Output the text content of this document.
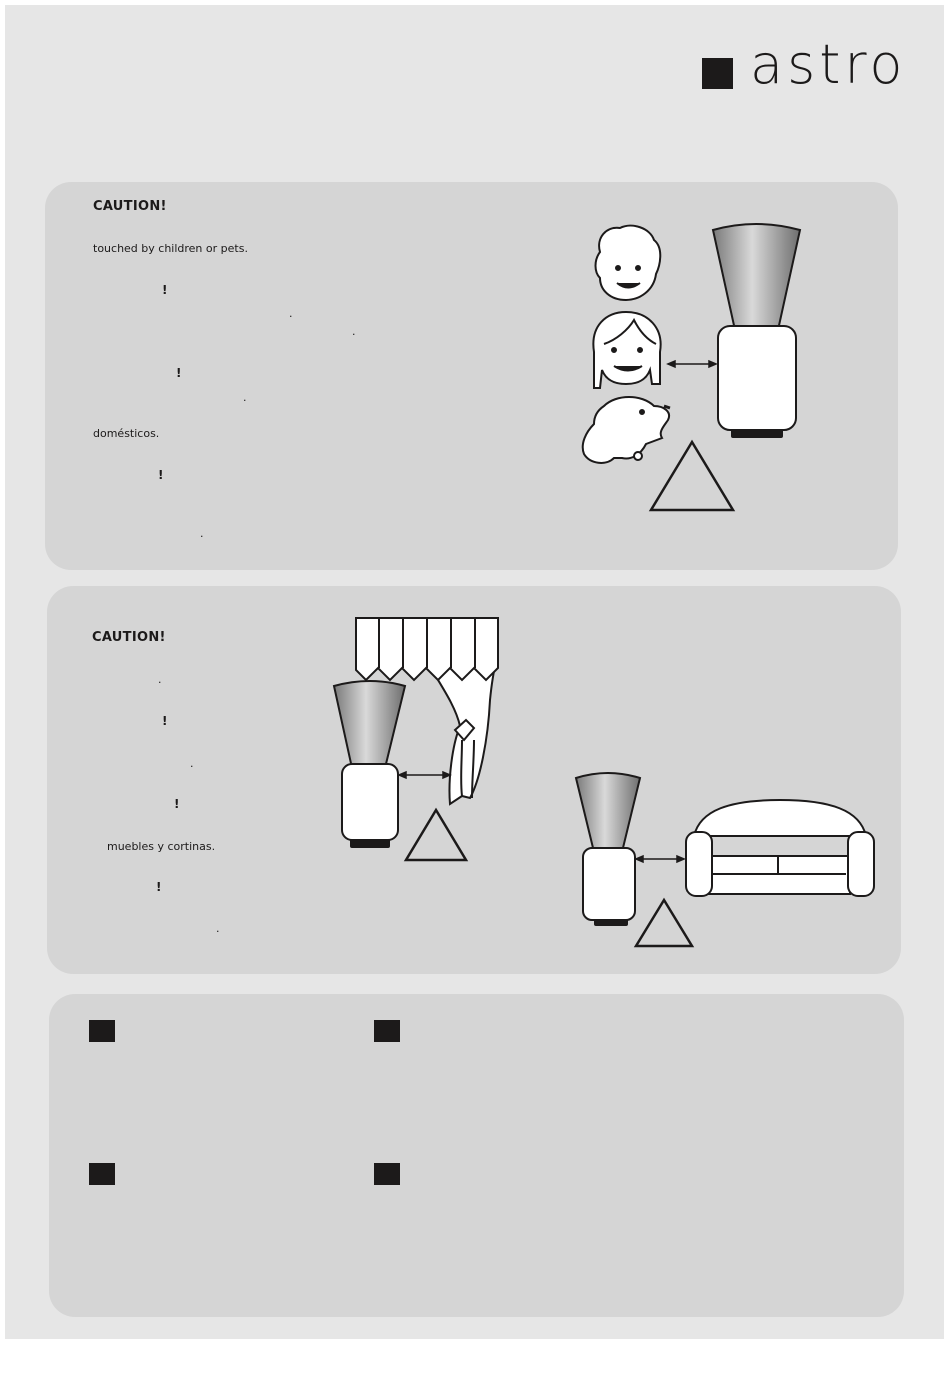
astro
CAUTION!
touched by children or pets.
!
.
.
!
.
domésticos.
!
.
CAUTION!
.
!
.
!
muebles y cortinas.
!
.
